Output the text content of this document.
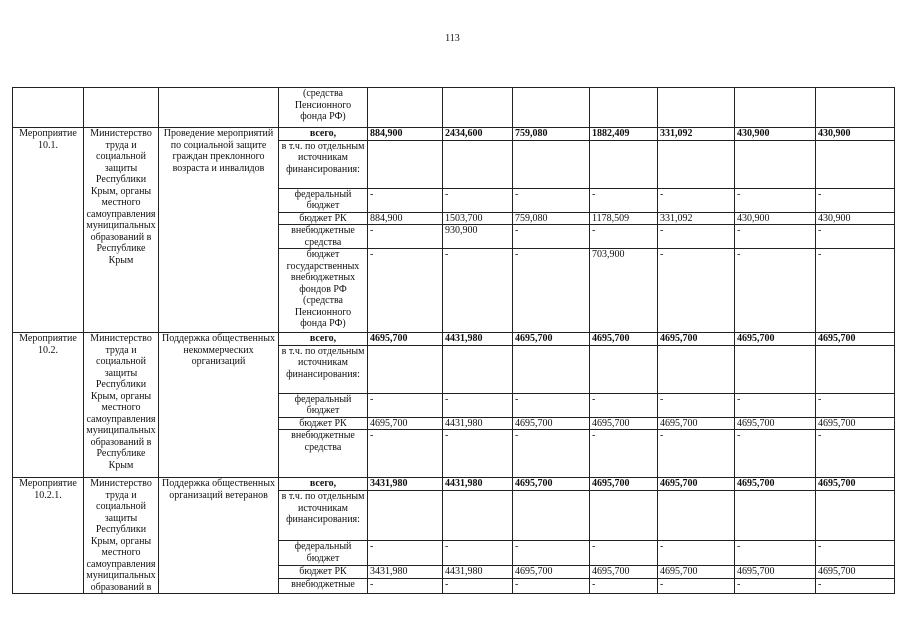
113
			(средства Пенсионного фонда РФ)							
Мероприятие 10.1.	Министерство труда и социальной защиты Республики Крым, органы местного самоуправления муниципальных образований в Республике Крым	Проведение мероприятий по социальной защите граждан преклонного возраста и инвалидов	всего,	884,900	2434,600	759,080	1882,409	331,092	430,900	430,900
			в т.ч. по отдельным источникам финансирования:							
			федеральный бюджет	-	-	-	-	-	-	-
			бюджет РК	884,900	1503,700	759,080	1178,509	331,092	430,900	430,900
			внебюджетные средства	-	930,900	-	-	-	-	-
			бюджет государственных внебюджетных фондов РФ (средства Пенсионного фонда РФ)	-	-	-	703,900	-	-	-
Мероприятие 10.2.	Министерство труда и социальной защиты Республики Крым, органы местного самоуправления муниципальных образований в Республике Крым	Поддержка общественных некоммерческих организаций	всего,	4695,700	4431,980	4695,700	4695,700	4695,700	4695,700	4695,700
			в т.ч. по отдельным источникам финансирования:							
			федеральный бюджет	-	-	-	-	-	-	-
			бюджет РК	4695,700	4431,980	4695,700	4695,700	4695,700	4695,700	4695,700
			внебюджетные средства	-	-	-	-	-	-	-
Мероприятие 10.2.1.	Министерство труда и социальной защиты Республики Крым, органы местного самоуправления муниципальных образований в	Поддержка общественных организаций ветеранов	всего,	3431,980	4431,980	4695,700	4695,700	4695,700	4695,700	4695,700
			в т.ч. по отдельным источникам финансирования:							
			федеральный бюджет	-	-	-	-	-	-	-
			бюджет РК	3431,980	4431,980	4695,700	4695,700	4695,700	4695,700	4695,700
			внебюджетные	-	-	-	-	-	-	-
